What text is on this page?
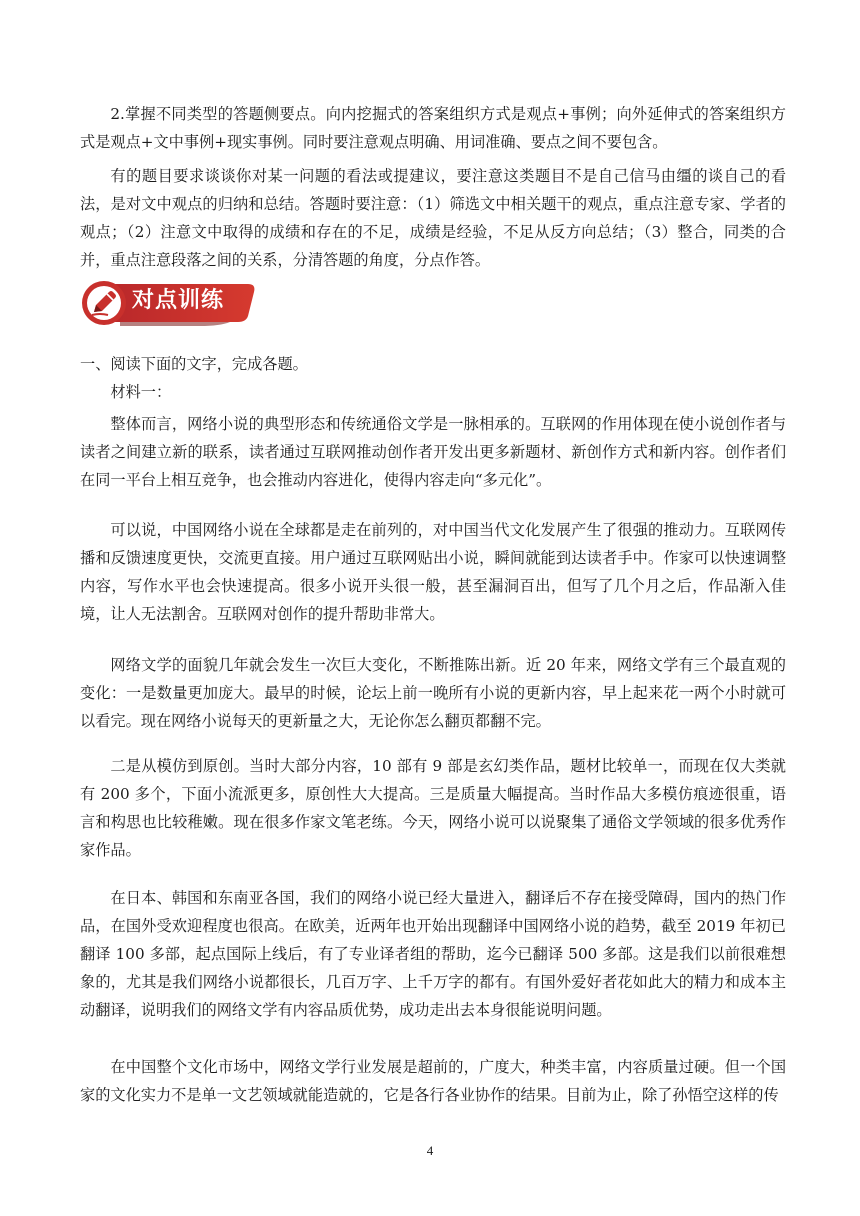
2.掌握不同类型的答题侧要点。向内挖掘式的答案组织方式是观点+事例；向外延伸式的答案组织方式是观点+文中事例+现实事例。同时要注意观点明确、用词准确、要点之间不要包含。

有的题目要求谈谈你对某一问题的看法或提建议，要注意这类题目不是自己信马由缰的谈自己的看法，是对文中观点的归纳和总结。答题时要注意：（1）筛选文中相关题干的观点，重点注意专家、学者的观点；（2）注意文中取得的成绩和存在的不足，成绩是经验，不足从反方向总结；（3）整合，同类的合并，重点注意段落之间的关系，分清答题的角度，分点作答。

对点训练

一、阅读下面的文字，完成各题。

材料一：

整体而言，网络小说的典型形态和传统通俗文学是一脉相承的。互联网的作用体现在使小说创作者与读者之间建立新的联系，读者通过互联网推动创作者开发出更多新题材、新创作方式和新内容。创作者们在同一平台上相互竞争，也会推动内容进化，使得内容走向“多元化”。

可以说，中国网络小说在全球都是走在前列的，对中国当代文化发展产生了很强的推动力。互联网传播和反馈速度更快，交流更直接。用户通过互联网贴出小说，瞬间就能到达读者手中。作家可以快速调整内容，写作水平也会快速提高。很多小说开头很一般，甚至漏洞百出，但写了几个月之后，作品渐入佳境，让人无法割舍。互联网对创作的提升帮助非常大。

网络文学的面貌几年就会发生一次巨大变化，不断推陈出新。近 20 年来，网络文学有三个最直观的变化：一是数量更加庞大。最早的时候，论坛上前一晚所有小说的更新内容，早上起来花一两个小时就可以看完。现在网络小说每天的更新量之大，无论你怎么翻页都翻不完。

二是从模仿到原创。当时大部分内容，10 部有 9 部是玄幻类作品，题材比较单一，而现在仅大类就有 200 多个，下面小流派更多，原创性大大提高。三是质量大幅提高。当时作品大多模仿痕迹很重，语言和构思也比较稚嫩。现在很多作家文笔老练。今天，网络小说可以说聚集了通俗文学领域的很多优秀作家作品。

在日本、韩国和东南亚各国，我们的网络小说已经大量进入，翻译后不存在接受障碍，国内的热门作品，在国外受欢迎程度也很高。在欧美，近两年也开始出现翻译中国网络小说的趋势，截至 2019 年初已翻译 100 多部，起点国际上线后，有了专业译者组的帮助，迄今已翻译 500 多部。这是我们以前很难想象的，尤其是我们网络小说都很长，几百万字、上千万字的都有。有国外爱好者花如此大的精力和成本主动翻译，说明我们的网络文学有内容品质优势，成功走出去本身很能说明问题。

在中国整个文化市场中，网络文学行业发展是超前的，广度大，种类丰富，内容质量过硬。但一个国家的文化实力不是单一文艺领域就能造就的，它是各行各业协作的结果。目前为止，除了孙悟空这样的传

4
